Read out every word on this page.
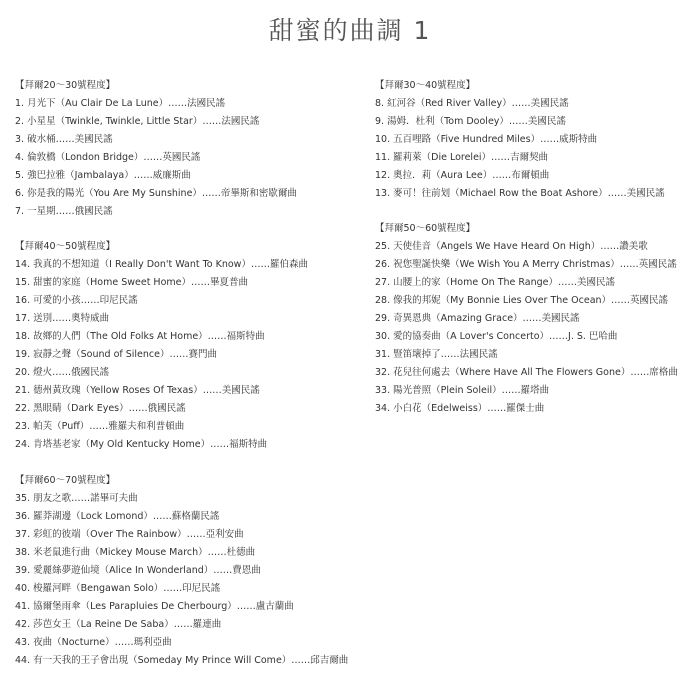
甜蜜的曲調 1
【拜爾20～30號程度】
1. 月光下（Au Clair De La Lune）……法國民謠
2. 小星星（Twinkle, Twinkle, Little Star）……法國民謠
3. 破水桶……美國民謠
4. 倫敦橋（London Bridge）……英國民謠
5. 強巴拉雅（Jambalaya）……威廉斯曲
6. 你是我的陽光（You Are My Sunshine）……帝畢斯和密歇爾曲
7. 一星期……俄國民謠
【拜爾40～50號程度】
14. 我真的不想知道（I Really Don't Want To Know）……羅伯森曲
15. 甜蜜的家庭（Home Sweet Home）……畢夏普曲
16. 可愛的小孩……印尼民謠
17. 送別……奧特威曲
18. 故鄉的人們（The Old Folks At Home）……福斯特曲
19. 寂靜之聲（Sound of Silence）……賽門曲
20. 燈火……俄國民謠
21. 德州黃玫瑰（Yellow Roses Of Texas）……美國民謠
22. 黑眼睛（Dark Eyes）……俄國民謠
23. 帕芙（Puff）……雅羅夫和利普頓曲
24. 肯塔基老家（My Old Kentucky Home）……福斯特曲
【拜爾60～70號程度】
35. 朋友之歌……諾畢可夫曲
36. 羅莽湖邊（Lock Lomond）……蘇格蘭民謠
37. 彩虹的彼端（Over The Rainbow）……亞利安曲
38. 米老鼠進行曲（Mickey Mouse March）……杜德曲
39. 愛麗絲夢遊仙境（Alice In Wonderland）……費恩曲
40. 梭羅河畔（Bengawan Solo）……印尼民謠
41. 協爾堡雨傘（Les Parapluies De Cherbourg）……盧古蘭曲
42. 莎芭女王（La Reine De Saba）……羅連曲
43. 夜曲（Nocturne）……瑪利亞曲
44. 有一天我的王子會出現（Someday My Prince Will Come）……邱吉爾曲
【拜爾30～40號程度】
8. 紅河谷（Red River Valley）……美國民謠
9. 湯姆．杜利（Tom Dooley）……美國民謠
10. 五百哩路（Five Hundred Miles）……威斯特曲
11. 羅莉萊（Die Lorelei）……吉爾契曲
12. 奧拉．莉（Aura Lee）……布爾頓曲
13. 麥可！往前划（Michael Row the Boat Ashore）……美國民謠
【拜爾50～60號程度】
25. 天使佳音（Angels We Have Heard On High）……讚美歌
26. 祝您聖誕快樂（We Wish You A Merry Christmas）……英國民謠
27. 山腰上的家（Home On The Range）……美國民謠
28. 像我的邦妮（My Bonnie Lies Over The Ocean）……英國民謠
29. 奇異恩典（Amazing Grace）……美國民謠
30. 愛的協奏曲（A Lover's Concerto）……J. S. 巴哈曲
31. 豎笛壞掉了……法國民謠
32. 花兒往何處去（Where Have All The Flowers Gone）……席格曲
33. 陽光普照（Plein Soleil）……羅塔曲
34. 小白花（Edelweiss）……羅傑士曲
